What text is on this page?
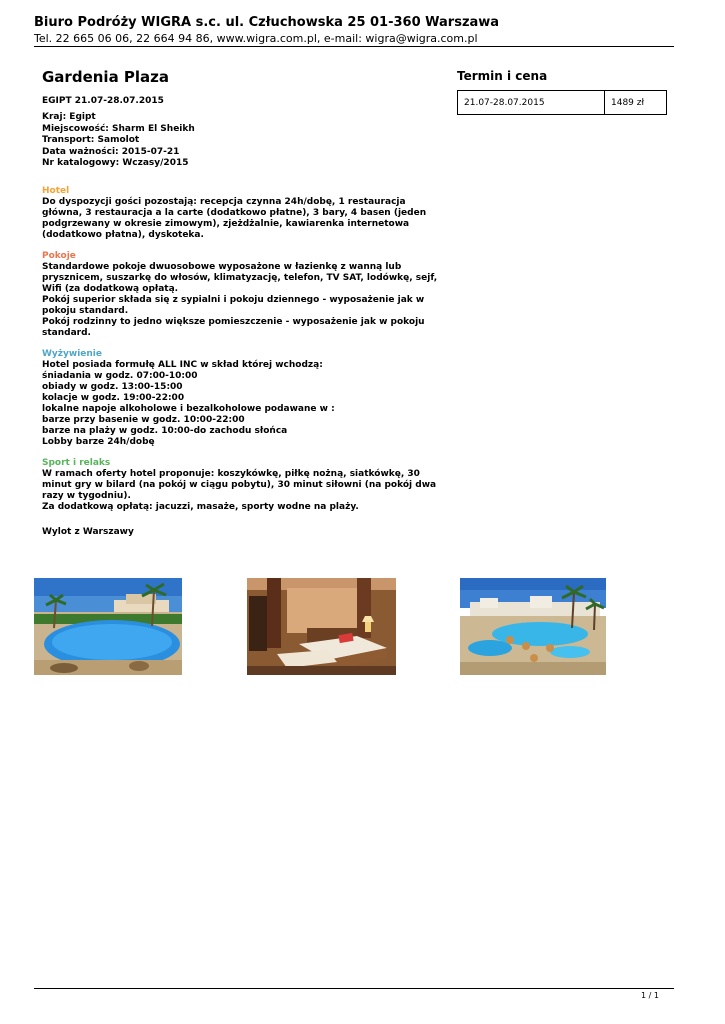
Biuro Podróży WIGRA s.c. ul. Człuchowska 25 01-360 Warszawa
Tel. 22 665 06 06, 22 664 94 86, www.wigra.com.pl, e-mail: wigra@wigra.com.pl
Gardenia Plaza
EGIPT 21.07-28.07.2015
Kraj: Egipt
Miejscowość: Sharm El Sheikh
Transport: Samolot
Data ważności: 2015-07-21
Nr katalogowy: Wczasy/2015
Hotel

Do dyspozycji gości pozostają: recepcja czynna 24h/dobę, 1 restauracja główna, 3 restauracja a la carte (dodatkowo płatne), 3 bary, 4 basen (jeden podgrzewany w okresie zimowym), zjeżdżalnie, kawiarenka internetowa (dodatkowo płatna), dyskoteka.

Pokoje

Standardowe pokoje dwuosobowe wyposażone w łazienkę z wanną lub prysznicem, suszarkę do włosów, klimatyzację, telefon, TV SAT, lodówkę, sejf, Wifi (za dodatkową opłatą.

Pokój superior składa się z sypialni i pokoju dziennego - wyposażenie jak w pokoju standard.

Pokój rodzinny to jedno większe pomieszczenie - wyposażenie jak w pokoju standard.

Wyżywienie

Hotel posiada formułę ALL INC w skład której wchodzą:

śniadania w godz. 07:00-10:00

obiady w godz. 13:00-15:00

kolacje w godz. 19:00-22:00

lokalne napoje alkoholowe i bezalkoholowe podawane w :

barze przy basenie w godz. 10:00-22:00

barze na plaży w godz. 10:00-do zachodu słońca

Lobby barze 24h/dobę

Sport i relaks

W ramach oferty hotel proponuje: koszykówkę, piłkę nożną, siatkówkę, 30 minut gry w bilard (na pokój w ciągu pobytu), 30 minut siłowni (na pokój dwa razy w tygodniu).

Za dodatkową opłatą: jacuzzi, masaże, sporty wodne na plaży.

Wylot z Warszawy
Termin i cena
21.07-28.07.2015	1489 zł
1 / 1
